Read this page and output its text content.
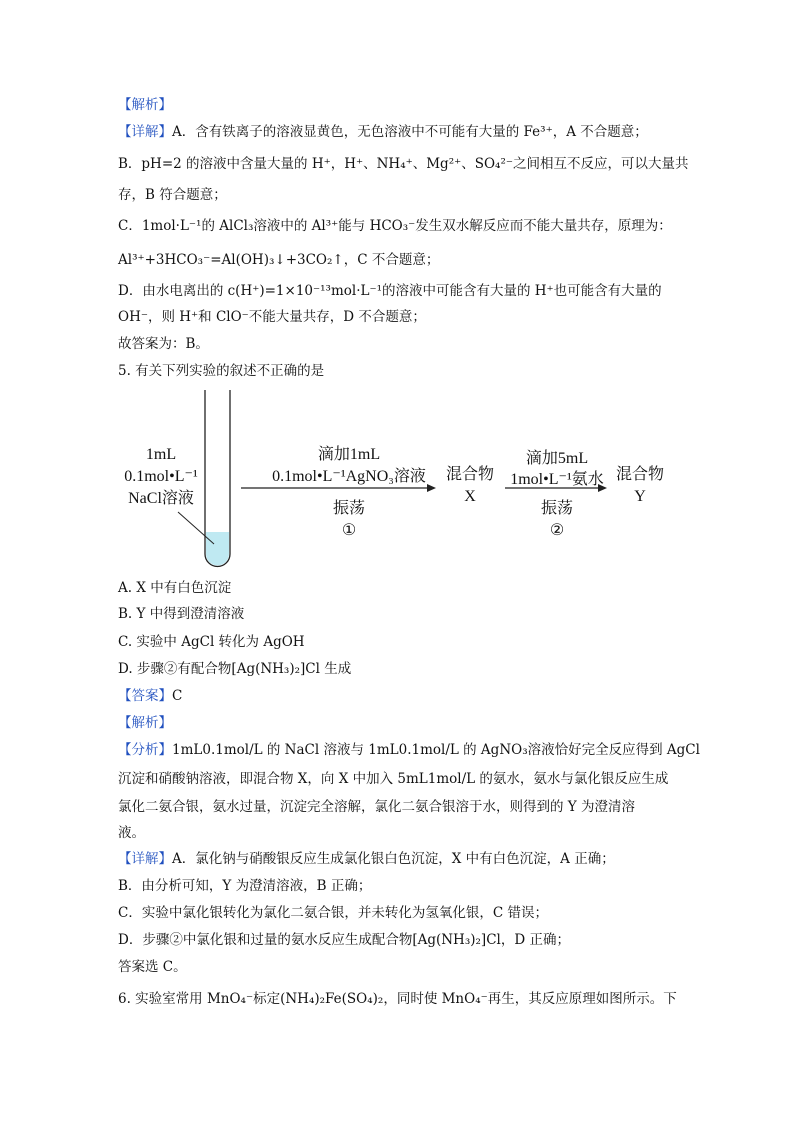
【解析】
【详解】A．含有铁离子的溶液显黄色，无色溶液中不可能有大量的 Fe³⁺，A 不合题意；
B．pH=2 的溶液中含量大量的 H⁺，H⁺、NH₄⁺、Mg²⁺、SO₄²⁻之间相互不反应，可以大量共
存，B 符合题意；
C．1mol·L⁻¹的 AlCl₃溶液中的 Al³⁺能与 HCO₃⁻发生双水解反应而不能大量共存，原理为：
Al³⁺+3HCO₃⁻=Al(OH)₃↓+3CO₂↑，C 不合题意；
D．由水电离出的 c(H⁺)=1×10⁻¹³mol·L⁻¹的溶液中可能含有大量的 H⁺也可能含有大量的
OH⁻，则 H⁺和 ClO⁻不能大量共存，D 不合题意；
故答案为：B。
5. 有关下列实验的叙述不正确的是
1mL
0.1mol•L⁻¹
NaCl溶液
滴加1mL
0.1mol•L⁻¹AgNO₃溶液
振荡
①
混合物
X
滴加5mL
1mol•L⁻¹氨水
振荡
②
混合物
Y
A. X 中有白色沉淀
B. Y 中得到澄清溶液
C. 实验中 AgCl 转化为 AgOH
D. 步骤②有配合物[Ag(NH₃)₂]Cl 生成
【答案】C
【解析】
【分析】1mL0.1mol/L 的 NaCl 溶液与 1mL0.1mol/L 的 AgNO₃溶液恰好完全反应得到 AgCl
沉淀和硝酸钠溶液，即混合物 X，向 X 中加入 5mL1mol/L 的氨水，氨水与氯化银反应生成
氯化二氨合银，氨水过量，沉淀完全溶解，氯化二氨合银溶于水，则得到的 Y 为澄清溶
液。
【详解】A．氯化钠与硝酸银反应生成氯化银白色沉淀，X 中有白色沉淀，A 正确；
B．由分析可知，Y 为澄清溶液，B 正确；
C．实验中氯化银转化为氯化二氨合银，并未转化为氢氧化银，C 错误；
D．步骤②中氯化银和过量的氨水反应生成配合物[Ag(NH₃)₂]Cl，D 正确；
答案选 C。
6. 实验室常用 MnO₄⁻标定(NH₄)₂Fe(SO₄)₂，同时使 MnO₄⁻再生，其反应原理如图所示。下
